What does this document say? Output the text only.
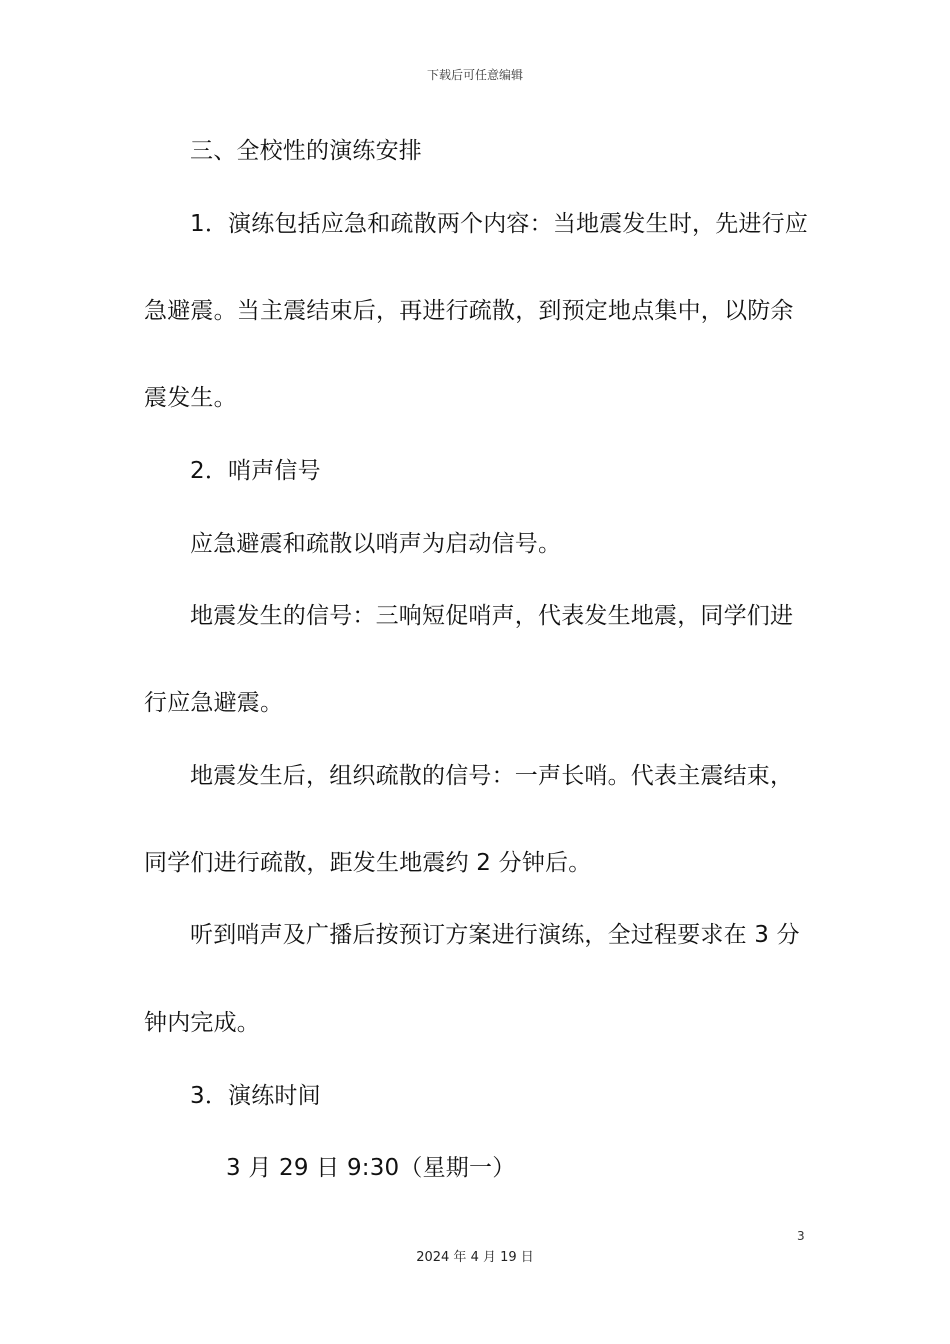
下载后可任意编辑
三、全校性的演练安排
1．演练包括应急和疏散两个内容：当地震发生时，先进行应
急避震。当主震结束后，再进行疏散，到预定地点集中，以防余
震发生。
2．哨声信号
应急避震和疏散以哨声为启动信号。
地震发生的信号：三响短促哨声，代表发生地震，同学们进
行应急避震。
地震发生后，组织疏散的信号：一声长哨。代表主震结束，
同学们进行疏散，距发生地震约 2 分钟后。
听到哨声及广播后按预订方案进行演练，全过程要求在 3 分
钟内完成。
3．演练时间
3 月 29 日 9:30（星期一）
3
2024 年 4 月 19 日
